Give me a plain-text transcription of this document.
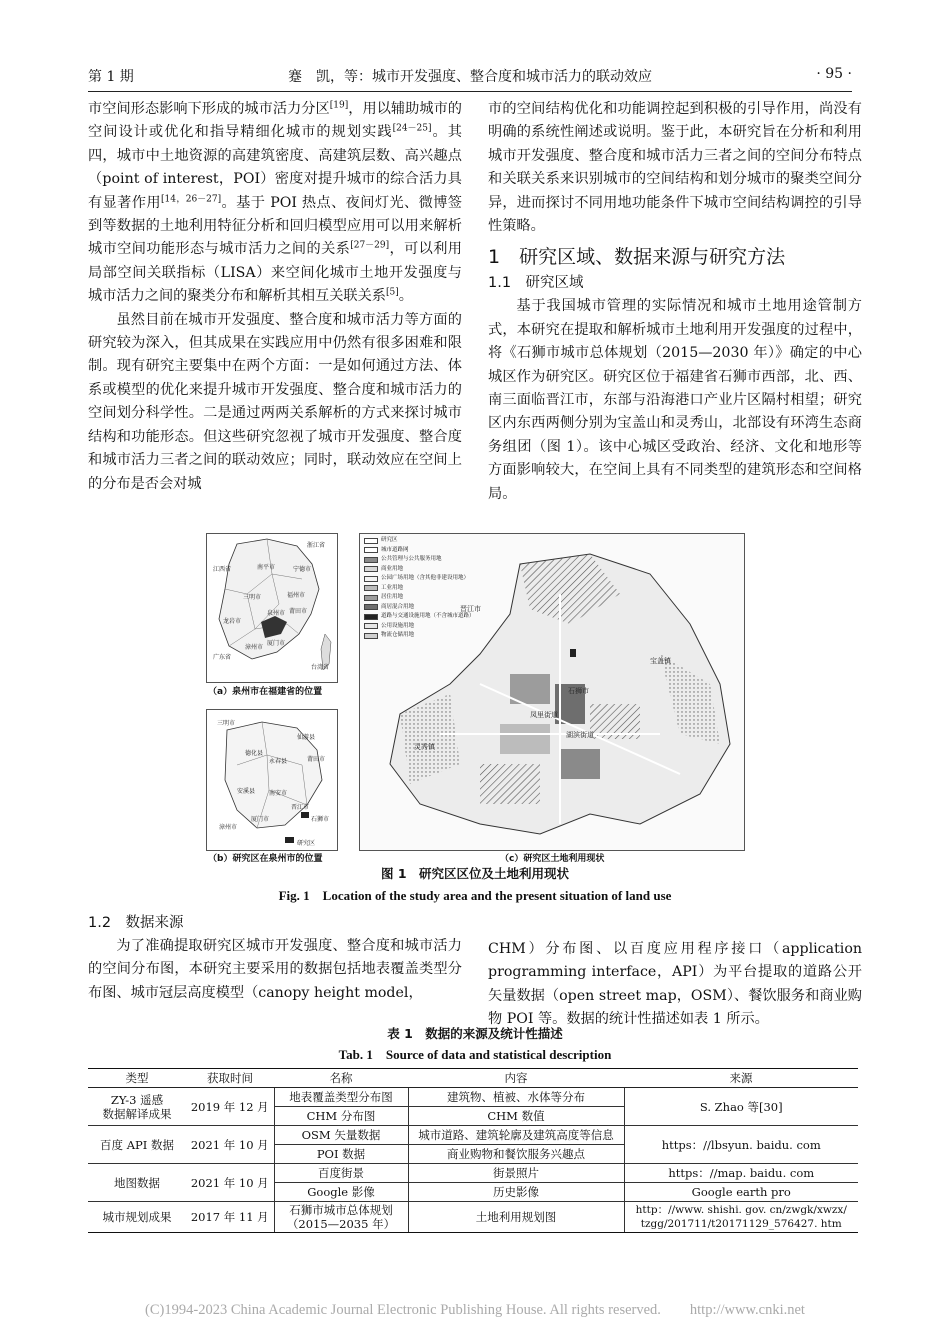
第 1 期	蹇　凯，等：城市开发强度、整合度和城市活力的联动效应	· 95 ·

市空间形态影响下形成的城市活力分区[19]，用以辅助城市的空间设计或优化和指导精细化城市的规划实践[24－25]。其四，城市中土地资源的高建筑密度、高建筑层数、高兴趣点（point of interest，POI）密度对提升城市的综合活力具有显著作用[14，26－27]。基于 POI 热点、夜间灯光、微博签到等数据的土地利用特征分析和回归模型应用可以用来解析城市空间功能形态与城市活力之间的关系[27－29]，可以利用局部空间关联指标（LISA）来空间化城市土地开发强度与城市活力之间的聚类分布和解析其相互关联关系[5]。

虽然目前在城市开发强度、整合度和城市活力等方面的研究较为深入，但其成果在实践应用中仍然有很多困难和限制。现有研究主要集中在两个方面：一是如何通过方法、体系或模型的优化来提升城市开发强度、整合度和城市活力的空间划分科学性。二是通过两两关系解析的方式来探讨城市结构和功能形态。但这些研究忽视了城市开发强度、整合度和城市活力三者之间的联动效应；同时，联动效应在空间上的分布是否会对城

市的空间结构优化和功能调控起到积极的引导作用，尚没有明确的系统性阐述或说明。鉴于此，本研究旨在分析和利用城市开发强度、整合度和城市活力三者之间的空间分布特点和关联关系来识别城市的空间结构和划分城市的聚类空间分异，进而探讨不同用地功能条件下城市空间结构调控的引导性策略。

1　研究区域、数据来源与研究方法
1.1　研究区域

基于我国城市管理的实际情况和城市土地用途管制方式，本研究在提取和解析城市土地利用开发强度的过程中，将《石狮市城市总体规划（2015—2030 年）》确定的中心城区作为研究区。研究区位于福建省石狮市西部，北、西、南三面临晋江市，东部与沿海港口产业片区隔村相望；研究区内东西两侧分别为宝盖山和灵秀山，北部设有环湾生态商务组团（图 1）。该中心城区受政治、经济、文化和地形等方面影响较大，在空间上具有不同类型的建筑形态和空间格局。

江西省
浙江省
南平市	宁德市
三明市	福州市
莆田市
龙岩市
泉州市
厦门市
漳州市
广东省
台湾省
（a）泉州市在福建省的位置
三明市
德化县
永春县
安溪县 南安市
仙游县
莆田市
晋江市
厦门市
漳州市
石狮市
研究区
（b）研究区在泉州市的位置
晋江市
宝盖镇
石狮市
凤里街道
灵秀镇
湖滨街道
研究区
城市道路网
公共管理与公共服务用地
商业用地
公园广场用地（含其他非建设用地）
工业用地
居住用地
商居混合用地
道路与交通设施用地（不含城市道路）
公用设施用地
物流仓储用地
（c）研究区土地利用现状
图 1　研究区区位及土地利用现状
Fig. 1　Location of the study area and the present situation of land use
1.2　数据来源

为了准确提取研究区城市开发强度、整合度和城市活力的空间分布图，本研究主要采用的数据包括地表覆盖类型分布图、城市冠层高度模型（canopy height model，

CHM）分布图、以百度应用程序接口（application programming interface，API）为平台提取的道路公开矢量数据（open street map，OSM）、餐饮服务和商业购物 POI 等。数据的统计性描述如表 1 所示。

表 1　数据的来源及统计性描述
Tab. 1　Source of data and statistical description
类型	获取时间	名称	内容	来源
ZY-3 遥感
数据解译成果	2019 年 12 月	地表覆盖类型分布图	建筑物、植被、水体等分布	S. Zhao 等[30]
		CHM 分布图	CHM 数值	
百度 API 数据	2021 年 10 月	OSM 矢量数据	城市道路、建筑轮廓及建筑高度等信息	https：//lbsyun. baidu. com
		POI 数据	商业购物和餐饮服务兴趣点	
地图数据	2021 年 10 月	百度街景	街景照片	https：//map. baidu. com
		Google 影像	历史影像	Google earth pro
城市规划成果	2017 年 11 月	石狮市城市总体规划
（2015—2035 年）	土地利用规划图	http：//www. shishi. gov. cn/zwgk/xwzx/
tzgg/201711/t20171129_576427. htm
(C)1994-2023 China Academic Journal Electronic Publishing House. All rights reserved.　　http://www.cnki.net
